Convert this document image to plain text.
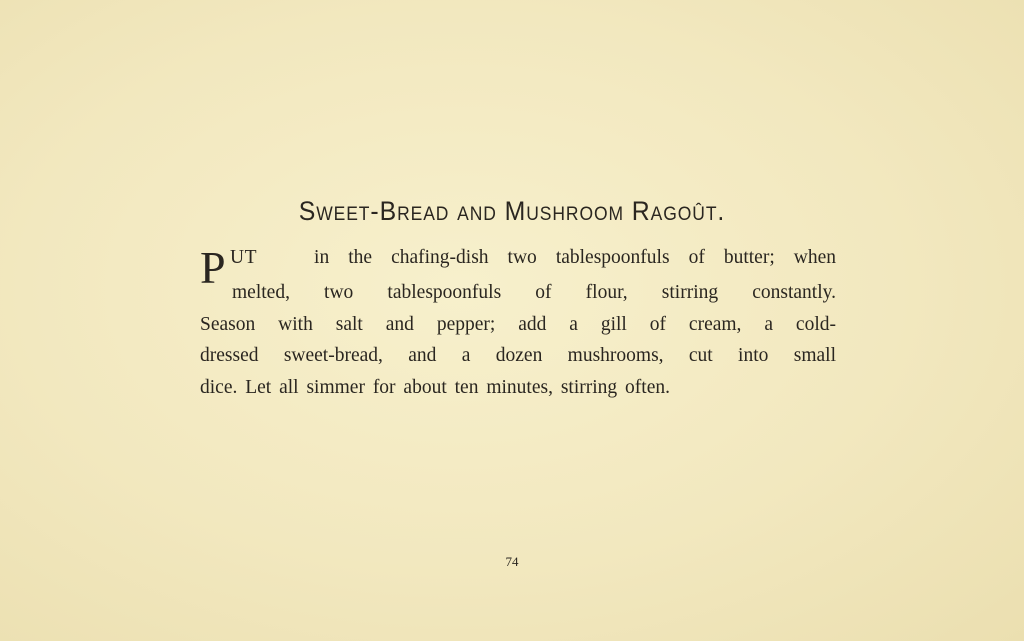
Sweet-Bread and Mushroom Ragoût.
P UT	in the chafing-dish two tablespoonfuls of butter; when
melted, two tablespoonfuls of flour, stirring constantly.
Season with salt and pepper; add a gill of cream, a cold-
dressed sweet-bread, and a dozen mushrooms, cut into small
dice. Let all simmer for about ten minutes, stirring often.
74
